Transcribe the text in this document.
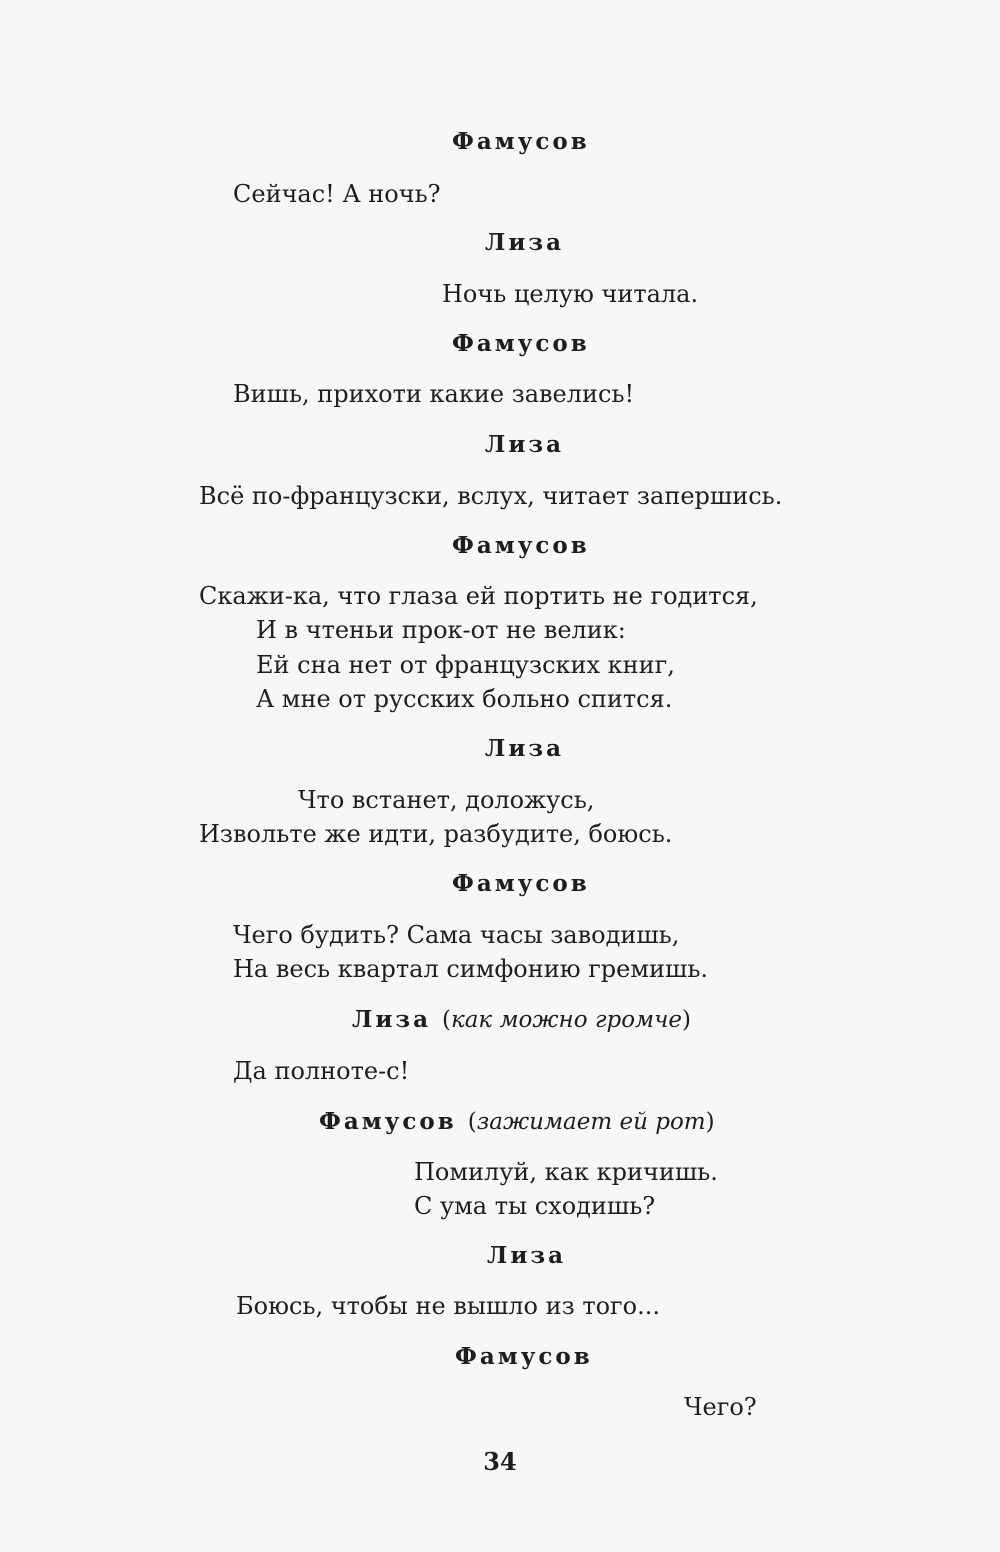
Фамусов
Сейчас! А ночь?
Лиза
Ночь целую читала.
Фамусов
Вишь, прихоти какие завелись!
Лиза
Всё по-французски, вслух, читает запершись.
Фамусов
Скажи-ка, что глаза ей портить не годится,
И в чтеньи прок-от не велик:
Ей сна нет от французских книг,
А мне от русских больно спится.
Лиза
Что встанет, доложусь,
Извольте же идти, разбудите, боюсь.
Фамусов
Чего будить? Сама часы заводишь,
На весь квартал симфонию гремишь.
Лиза (как можно громче)
Да полноте-с!
Фамусов (зажимает ей рот)
Помилуй, как кричишь.
С ума ты сходишь?
Лиза
Боюсь, чтобы не вышло из того...
Фамусов
Чего?
34
